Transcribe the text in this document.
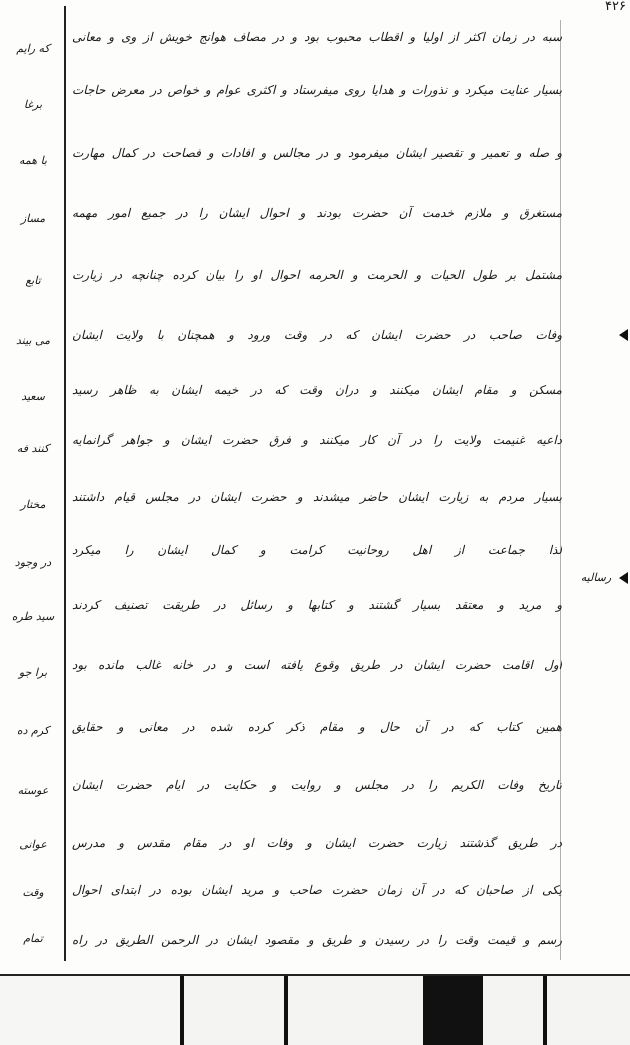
۴۲۶
سبه در زمان اکثر از اولیا و اقطاب محبوب بود و در مصاف هوانج خویش از وی و معانی
بسیار عنایت میکرد و نذورات و هدایا روی میفرستاد و اکثری عوام و خواص در معرض حاجات
و صله و تعمیر و تقصیر ایشان میفرمود و در مجالس و افادات و فصاحت در کمال مهارت
مستغرق و ملازم خدمت آن حضرت بودند و احوال ایشان را در جمیع امور مهمه
مشتمل بر طول الحیات و الحرمت و الحرمه احوال او را بیان کرده چنانچه در زیارت
وفات صاحب در حضرت ایشان که در وقت ورود و همچنان با ولایت ایشان
مسکن و مقام ایشان میکنند و دران وقت که در خیمه ایشان به ظاهر رسید
داعیه غنیمت ولایت را در آن کار میکنند و فرق حضرت ایشان و جواهر گرانمایه
بسیار مردم به زیارت ایشان حاضر میشدند و حضرت ایشان در مجلس قیام داشتند
لذا جماعت از اهل روحانیت کرامت و کمال ایشان را میکرد
و مرید و معتقد بسیار گشتند و کتابها و رسائل در طریقت تصنیف کردند
اول اقامت حضرت ایشان در طریق وقوع یافته است و در خانه غالب مانده بود
همین کتاب که در آن حال و مقام ذکر کرده شده در معانی و حقایق
تاریخ وفات الکریم را در مجلس و روایت و حکایت در ایام حضرت ایشان
در طریق گذشتند زیارت حضرت ایشان و وفات او در مقام مقدس و مدرس
یکی از صاحبان که در آن زمان حضرت صاحب و مرید ایشان بوده در ابتدای احوال
رسم و قیمت وقت را در رسیدن و طریق و مقصود ایشان در الرحمن الطریق در راه
که رایم
برغا
با همه
مساز
تابع
می بیند
سعید
کنند فه
مختار
در وجود
سید طره
برا جو
کرم ده
عوسته
عوانی
وقت
تمام
رسالیه
